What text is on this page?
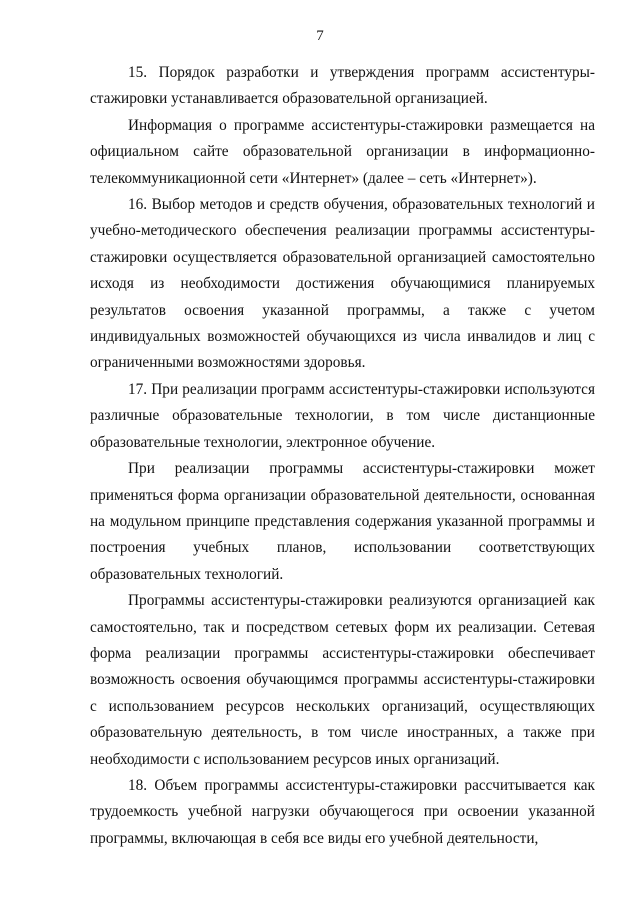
7

15. Порядок разработки и утверждения программ ассистентуры-стажировки устанавливается образовательной организацией.

Информация о программе ассистентуры-стажировки размещается на официальном сайте образовательной организации в информационно-телекоммуникационной сети «Интернет» (далее – сеть «Интернет»).

16. Выбор методов и средств обучения, образовательных технологий и учебно-методического обеспечения реализации программы ассистентуры-стажировки осуществляется образовательной организацией самостоятельно исходя из необходимости достижения обучающимися планируемых результатов освоения указанной программы, а также с учетом индивидуальных возможностей обучающихся из числа инвалидов и лиц с ограниченными возможностями здоровья.

17. При реализации программ ассистентуры-стажировки используются различные образовательные технологии, в том числе дистанционные образовательные технологии, электронное обучение.

При реализации программы ассистентуры-стажировки может применяться форма организации образовательной деятельности, основанная на модульном принципе представления содержания указанной программы и построения учебных планов, использовании соответствующих образовательных технологий.

Программы ассистентуры-стажировки реализуются организацией как самостоятельно, так и посредством сетевых форм их реализации. Сетевая форма реализации программы ассистентуры-стажировки обеспечивает возможность освоения обучающимся программы ассистентуры-стажировки с использованием ресурсов нескольких организаций, осуществляющих образовательную деятельность, в том числе иностранных, а также при необходимости с использованием ресурсов иных организаций.

18. Объем программы ассистентуры-стажировки рассчитывается как трудоемкость учебной нагрузки обучающегося при освоении указанной программы, включающая в себя все виды его учебной деятельности,
